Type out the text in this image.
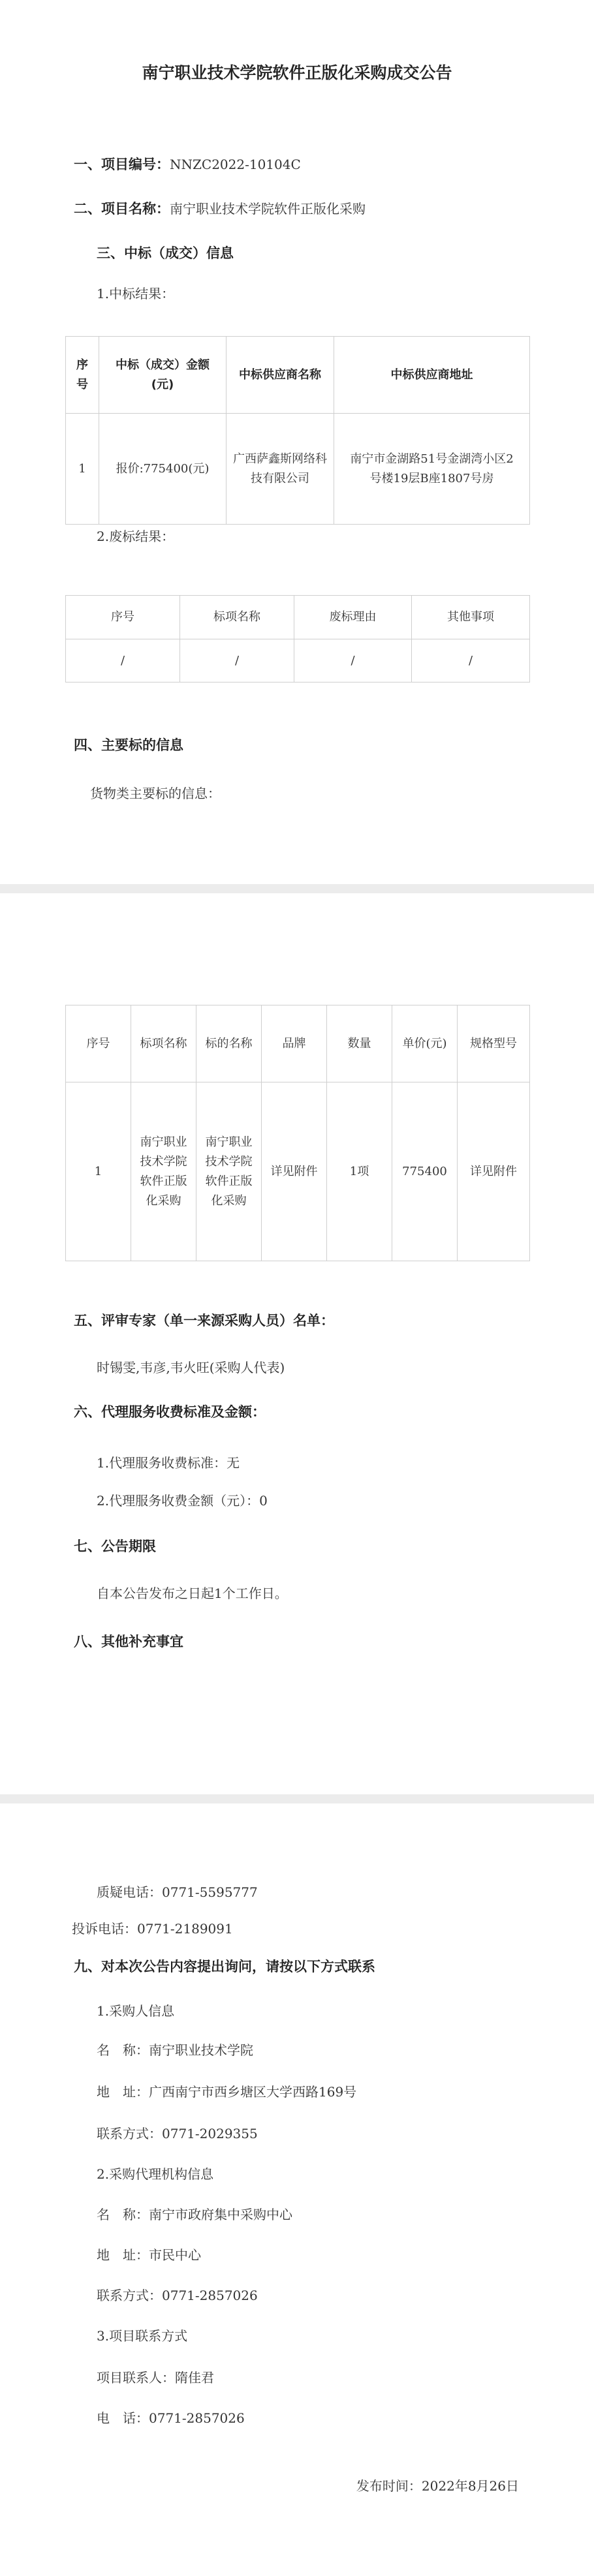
南宁职业技术学院软件正版化采购成交公告
一、项目编号：NNZC2022-10104C
二、项目名称：南宁职业技术学院软件正版化采购
三、中标（成交）信息
1.中标结果：
序号	中标（成交）金额(元)	中标供应商名称	中标供应商地址
1	报价:775400(元)	广西萨鑫斯网络科技有限公司	南宁市金湖路51号金湖湾小区2号楼19层B座1807号房
2.废标结果：
序号	标项名称	废标理由	其他事项
/	/	/	/
四、主要标的信息
货物类主要标的信息：
序号	标项名称	标的名称	品牌	数量	单价(元)	规格型号
1	南宁职业技术学院软件正版化采购	南宁职业技术学院软件正版化采购	详见附件	1项	775400	详见附件
五、评审专家（单一来源采购人员）名单：
时锡雯,韦彦,韦火旺(采购人代表)
六、代理服务收费标准及金额：
1.代理服务收费标准：无
2.代理服务收费金额（元）：0
七、公告期限
自本公告发布之日起1个工作日。
八、其他补充事宜
质疑电话：0771-5595777
投诉电话：0771-2189091
九、对本次公告内容提出询问，请按以下方式联系
1.采购人信息
名　称：南宁职业技术学院
地　址：广西南宁市西乡塘区大学西路169号
联系方式：0771-2029355
2.采购代理机构信息
名　称：南宁市政府集中采购中心
地　址：市民中心
联系方式：0771-2857026
3.项目联系方式
项目联系人：隋佳君
电　话：0771-2857026
发布时间：2022年8月26日
